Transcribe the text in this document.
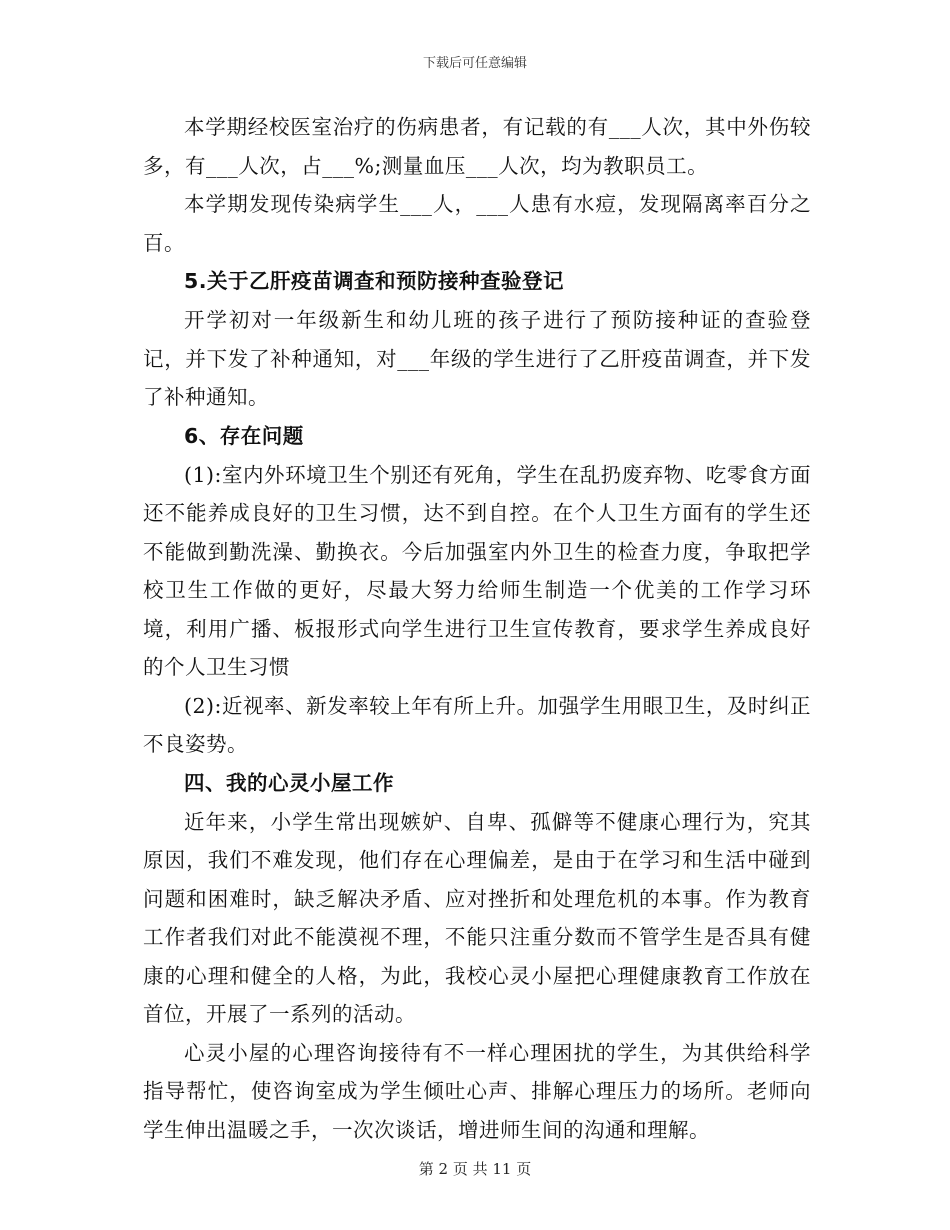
下载后可任意编辑

本学期经校医室治疗的伤病患者，有记载的有___人次，其中外伤较多，有___人次，占___%;测量血压___人次，均为教职员工。

本学期发现传染病学生___人，___人患有水痘，发现隔离率百分之百。

5.关于乙肝疫苗调查和预防接种查验登记

开学初对一年级新生和幼儿班的孩子进行了预防接种证的查验登记，并下发了补种通知，对___年级的学生进行了乙肝疫苗调查，并下发了补种通知。

6、存在问题

(1):室内外环境卫生个别还有死角，学生在乱扔废弃物、吃零食方面还不能养成良好的卫生习惯，达不到自控。在个人卫生方面有的学生还不能做到勤洗澡、勤换衣。今后加强室内外卫生的检查力度，争取把学校卫生工作做的更好，尽最大努力给师生制造一个优美的工作学习环境，利用广播、板报形式向学生进行卫生宣传教育，要求学生养成良好的个人卫生习惯

(2):近视率、新发率较上年有所上升。加强学生用眼卫生，及时纠正不良姿势。

四、我的心灵小屋工作

近年来，小学生常出现嫉妒、自卑、孤僻等不健康心理行为，究其原因，我们不难发现，他们存在心理偏差，是由于在学习和生活中碰到问题和困难时，缺乏解决矛盾、应对挫折和处理危机的本事。作为教育工作者我们对此不能漠视不理，不能只注重分数而不管学生是否具有健康的心理和健全的人格，为此，我校心灵小屋把心理健康教育工作放在首位，开展了一系列的活动。

心灵小屋的心理咨询接待有不一样心理困扰的学生，为其供给科学指导帮忙，使咨询室成为学生倾吐心声、排解心理压力的场所。老师向学生伸出温暖之手，一次次谈话，增进师生间的沟通和理解。

第 2 页 共 11 页
